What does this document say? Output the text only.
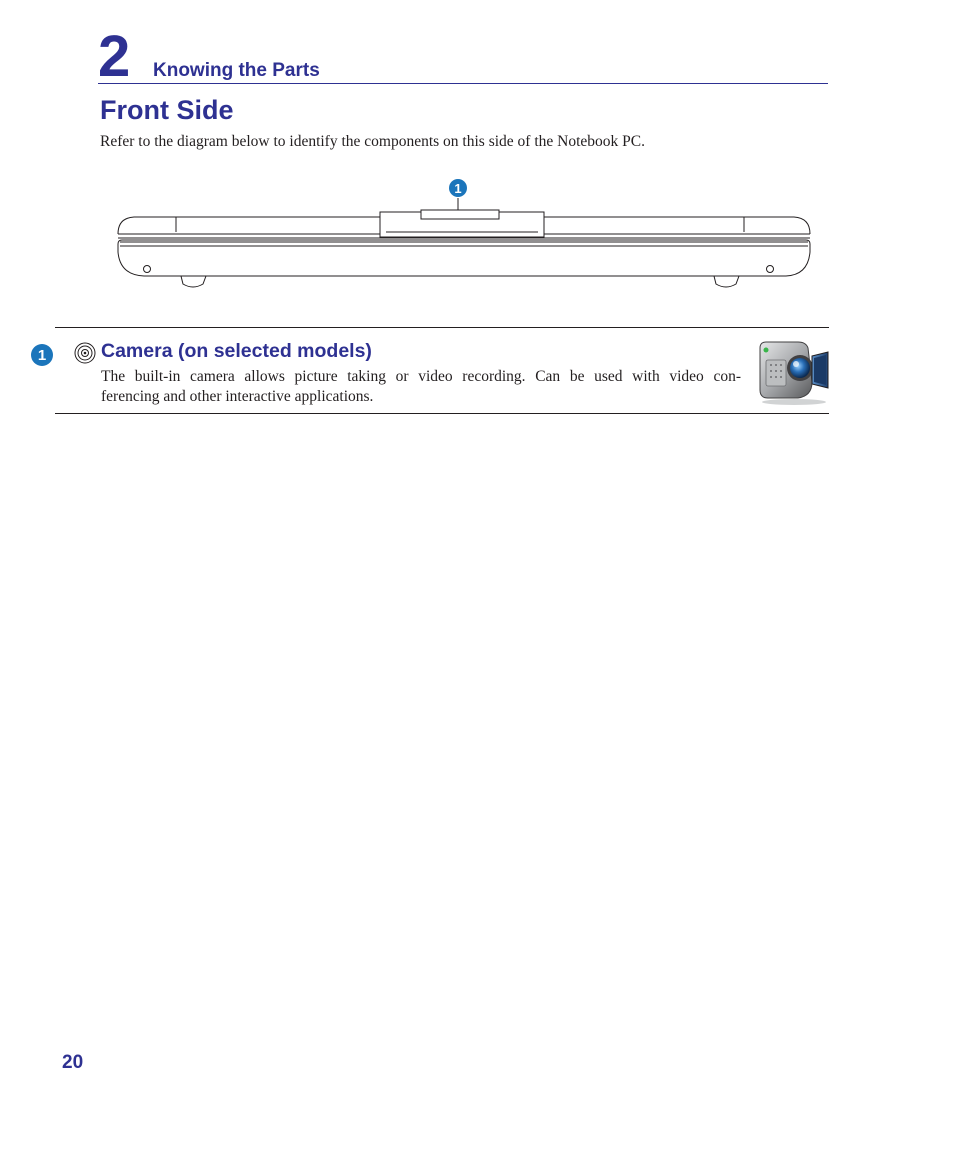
2 Knowing the Parts
Front Side
Refer to the diagram below to identify the components on this side of the Notebook PC.
1
1	Camera (on selected models)
The built-in camera allows picture taking or video recording. Can be used with video con-
ferencing and other interactive applications.
20
